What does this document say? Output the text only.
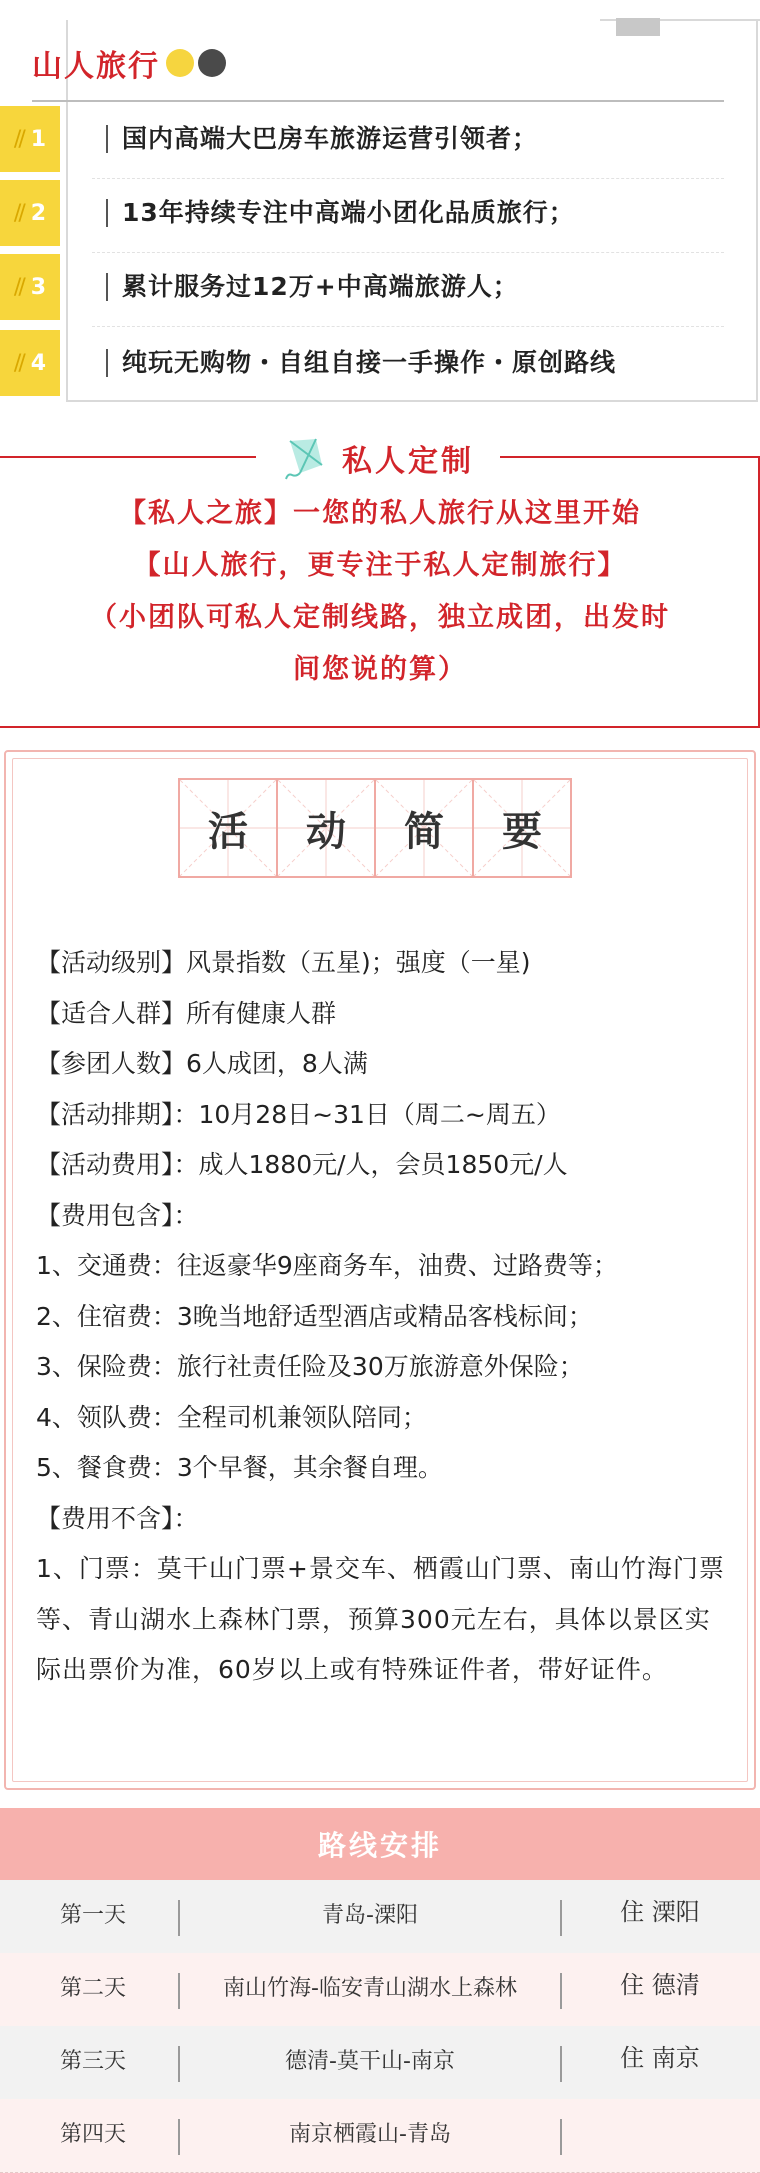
山人旅行
// 1	国内高端大巴房车旅游运营引领者；
// 2	13年持续专注中高端小团化品质旅行；
// 3	累计服务过12万+中高端旅游人；
// 4	纯玩无购物・自组自接一手操作・原创路线
私人定制
【私人之旅】一您的私人旅行从这里开始
【山人旅行，更专注于私人定制旅行】
（小团队可私人定制线路，独立成团，出发时
间您说的算）
活 动 简 要
【活动级别】风景指数（五星)；强度（一星)
【适合人群】所有健康人群
【参团人数】6人成团，8人满
【活动排期】：10月28日~31日（周二~周五）
【活动费用】：成人1880元/人，会员1850元/人
【费用包含】：
1、交通费：往返豪华9座商务车，油费、过路费等；
2、住宿费：3晚当地舒适型酒店或精品客栈标间；
3、保险费：旅行社责任险及30万旅游意外保险；
4、领队费：全程司机兼领队陪同；
5、餐食费：3个早餐，其余餐自理。
【费用不含】：
1、门票：莫干山门票+景交车、栖霞山门票、南山竹海门票等、青山湖水上森林门票，预算300元左右，具体以景区实际出票价为准，60岁以上或有特殊证件者，带好证件。
路线安排
第一天	青岛-溧阳	住 溧阳
第二天	南山竹海-临安青山湖水上森林	住 德清
第三天	德清-莫干山-南京	住 南京
第四天	南京栖霞山-青岛
